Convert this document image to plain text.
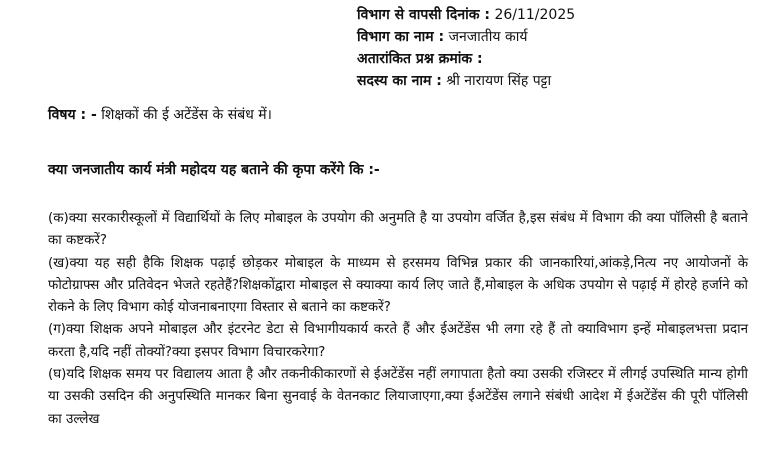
विभाग से वापसी दिनांक : 26/11/2025
विभाग का नाम : जनजातीय कार्य
अतारांकित प्रश्न क्रमांक :
सदस्य का नाम : श्री नारायण सिंह पट्टा
विषय : - शिक्षकों की ई अटेंडेंस के संबंध में।
क्या जनजातीय कार्य मंत्री महोदय यह बताने की कृपा करेंगे कि :-

(क)क्या सरकारीस्कूलों में विद्यार्थियों के लिए मोबाइल के उपयोग की अनुमति है या उपयोग वर्जित है,इस संबंध में विभाग की क्या पॉलिसी है बताने का कष्टकरें?

(ख)क्या यह सही हैकि शिक्षक पढ़ाई छोड़कर मोबाइल के माध्यम से हरसमय विभिन्न प्रकार की जानकारियां,आंकड़े,नित्य नए आयोजनों के फोटोग्राफ्स और प्रतिवेदन भेजते रहतेहैं?शिक्षकोंद्वारा मोबाइल से क्याक्या कार्य लिए जाते हैं,मोबाइल के अधिक उपयोग से पढ़ाई में होरहे हर्जाने को रोकने के लिए विभाग कोई योजनाबनाएगा विस्तार से बताने का कष्टकरें?

(ग)क्या शिक्षक अपने मोबाइल और इंटरनेट डेटा से विभागीयकार्य करते हैं और ईअटेंडेंस भी लगा रहे हैं तो क्याविभाग इन्हें मोबाइलभत्ता प्रदान करता है,यदि नहीं तोक्यों?क्या इसपर विभाग विचारकरेगा?

(घ)यदि शिक्षक समय पर विद्यालय आता है और तकनीकीकारणों से ईअटेंडेंस नहीं लगापाता हैतो क्या उसकी रजिस्टर में लीगई उपस्थिति मान्य होगी या उसकी उसदिन की अनुपस्थिति मानकर बिना सुनवाई के वेतनकाट लियाजाएगा,क्या ईअटेंडेंस लगाने संबंधी आदेश में ईअटेंडेंस की पूरी पॉलिसी का उल्लेख
